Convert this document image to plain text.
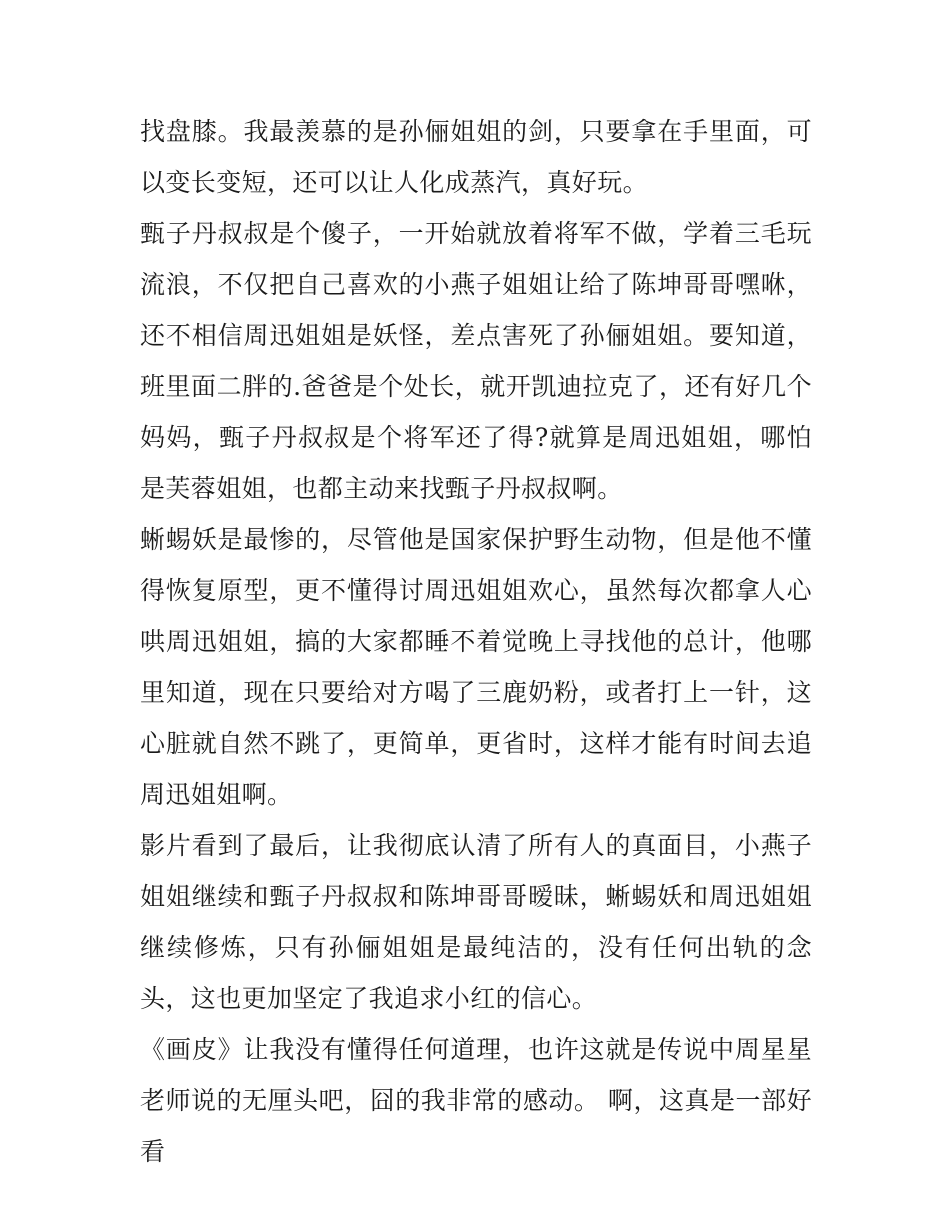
找盘膝。我最羡慕的是孙俪姐姐的剑，只要拿在手里面，可以变长变短，还可以让人化成蒸汽，真好玩。

甄子丹叔叔是个傻子，一开始就放着将军不做，学着三毛玩流浪，不仅把自己喜欢的小燕子姐姐让给了陈坤哥哥嘿咻，还不相信周迅姐姐是妖怪，差点害死了孙俪姐姐。要知道，班里面二胖的.爸爸是个处长，就开凯迪拉克了，还有好几个妈妈，甄子丹叔叔是个将军还了得?就算是周迅姐姐，哪怕是芙蓉姐姐，也都主动来找甄子丹叔叔啊。

蜥蜴妖是最惨的，尽管他是国家保护野生动物，但是他不懂得恢复原型，更不懂得讨周迅姐姐欢心，虽然每次都拿人心哄周迅姐姐，搞的大家都睡不着觉晚上寻找他的总计，他哪里知道，现在只要给对方喝了三鹿奶粉，或者打上一针，这心脏就自然不跳了，更简单，更省时，这样才能有时间去追周迅姐姐啊。

影片看到了最后，让我彻底认清了所有人的真面目，小燕子姐姐继续和甄子丹叔叔和陈坤哥哥暧昧，蜥蜴妖和周迅姐姐继续修炼，只有孙俪姐姐是最纯洁的，没有任何出轨的念头，这也更加坚定了我追求小红的信心。

《画皮》让我没有懂得任何道理，也许这就是传说中周星星老师说的无厘头吧，囧的我非常的感动。 啊，这真是一部好看
